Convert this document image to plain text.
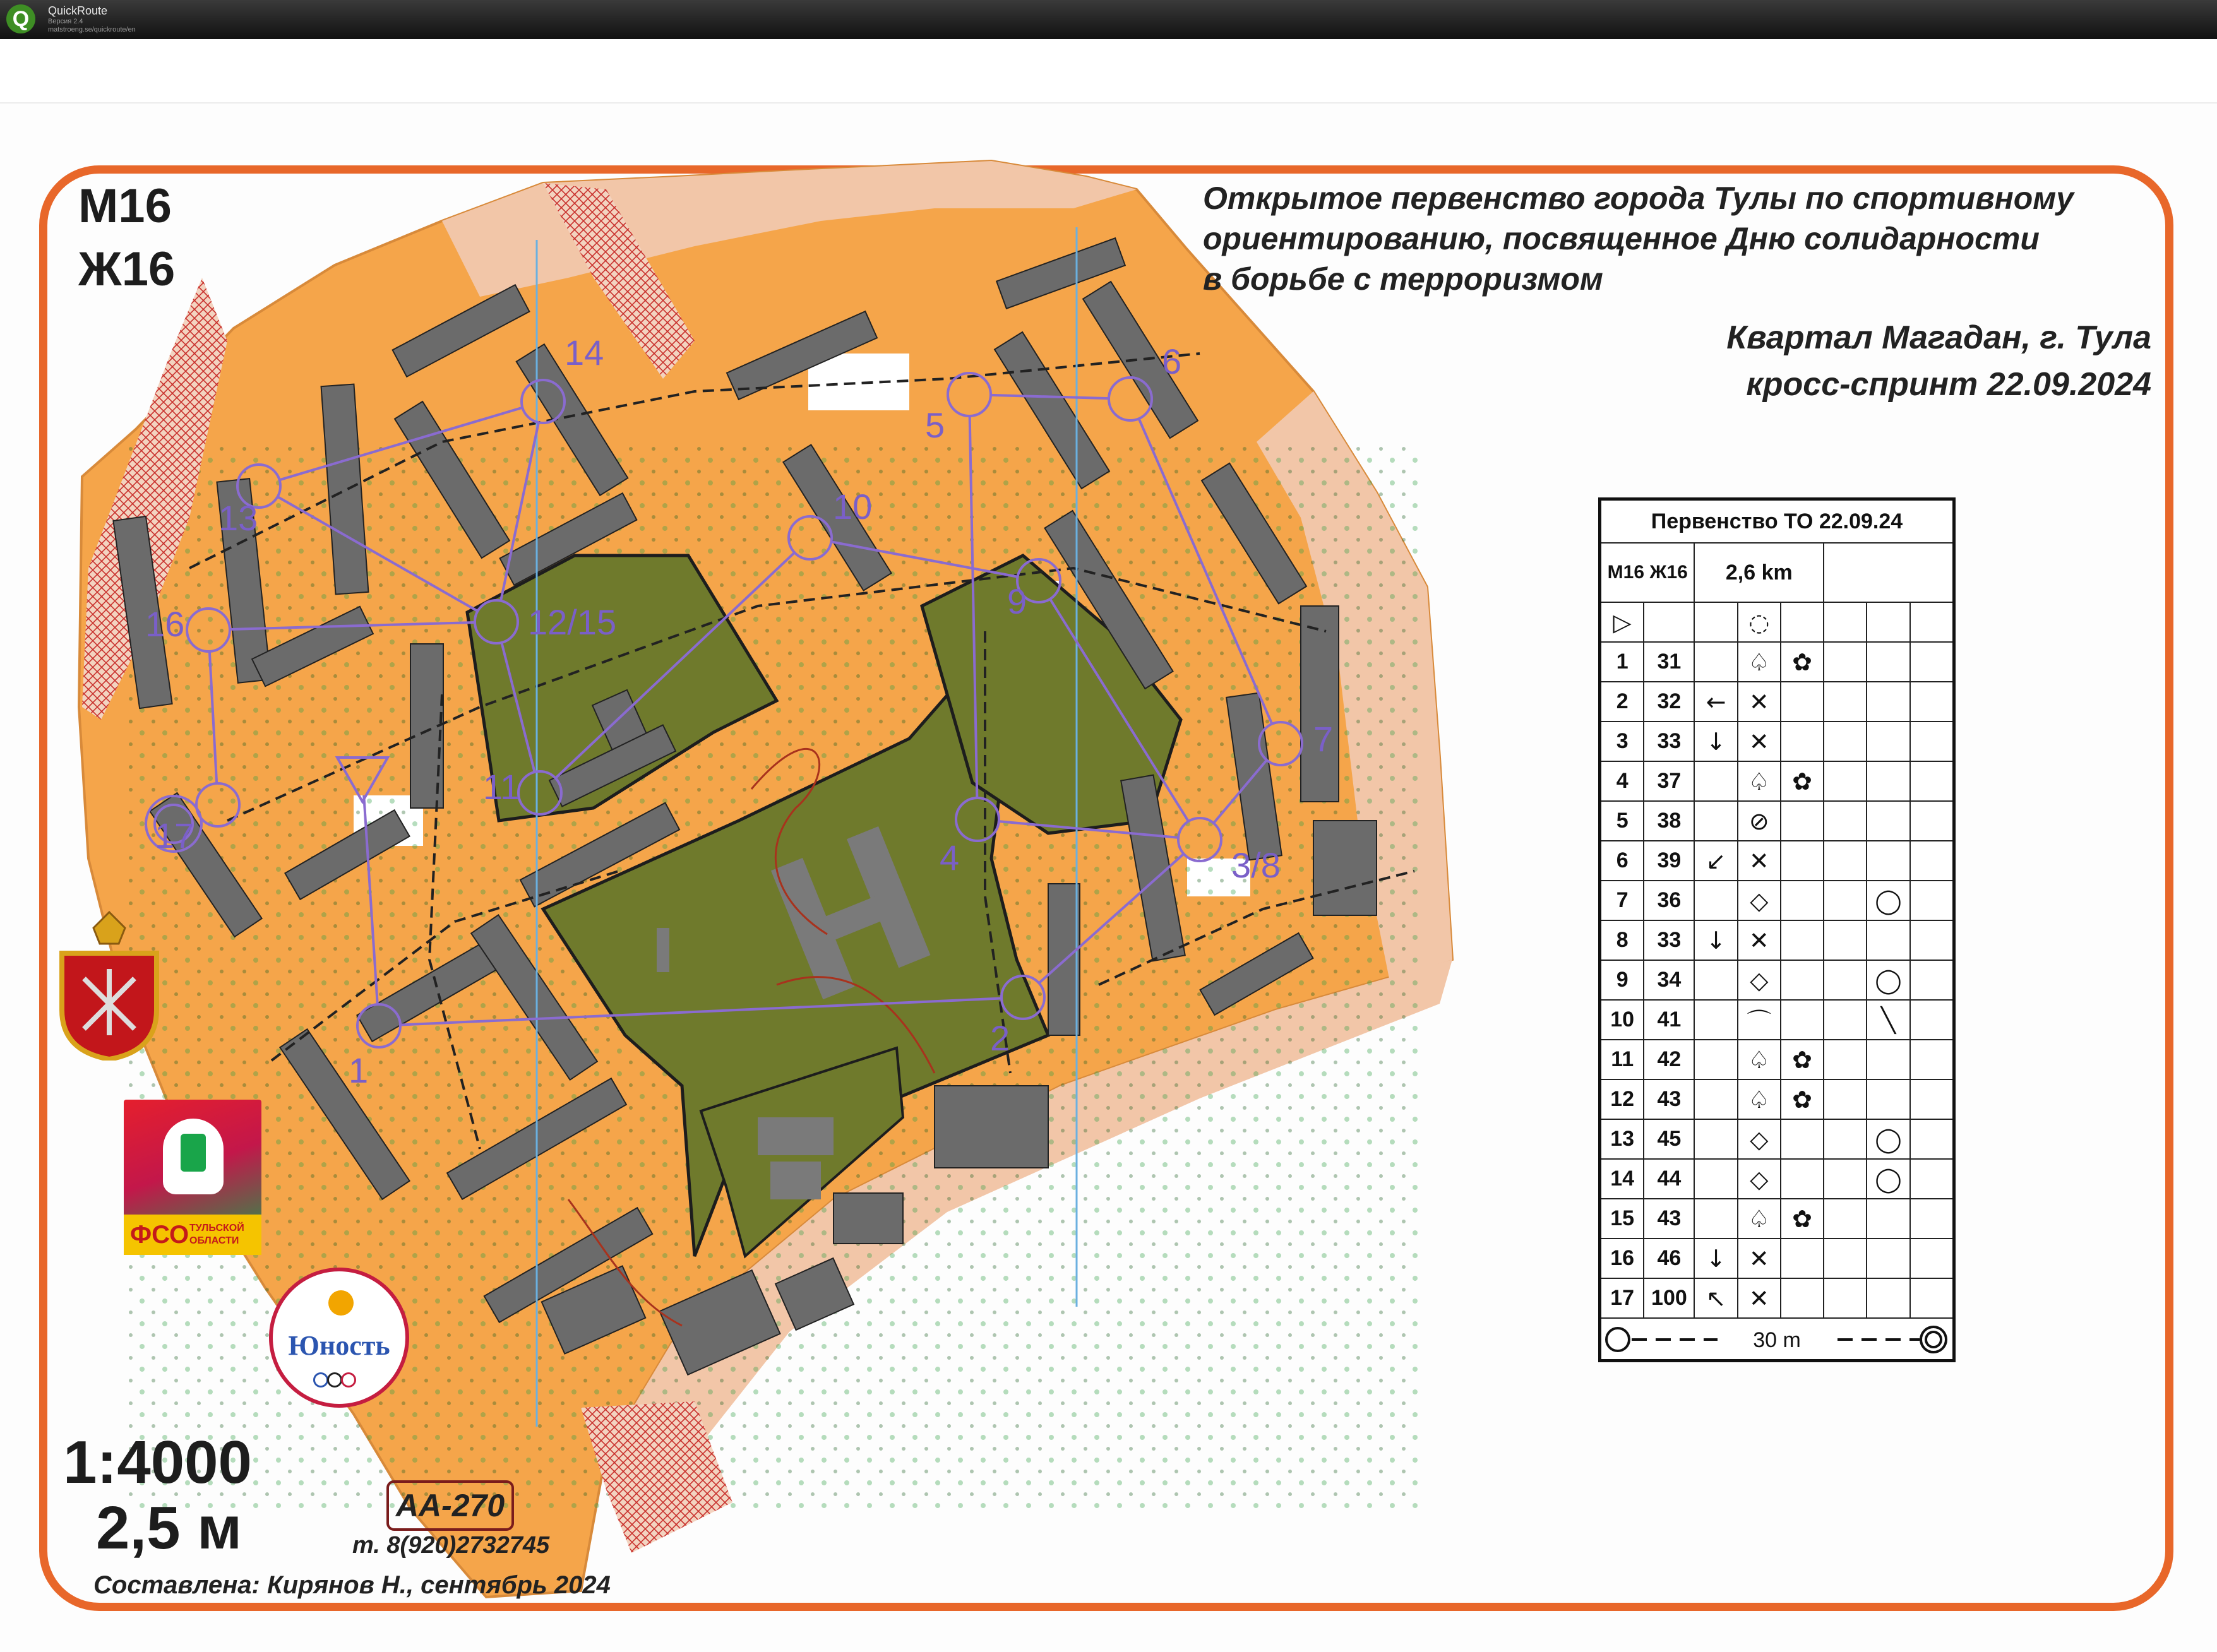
Q	QuickRoute
Версия 2.4
matstroeng.se/quickroute/en
1
2
3/8
4
5
6
7
9
10
11
12/15
13
14
16
17
М16
Ж16
Открытое первенство города Тулы по спортивному
ориентированию, посвященное Дню солидарности
в борьбе с терроризмом
Квартал Магадан, г. Тула
кросс-спринт 22.09.2024
ФСО ТУЛЬСКОЙ ОБЛАСТИ
Юность
1:4000
2,5 м	АА-270
т. 8(920)2732745
Составлена: Кирянов Н., сентябрь 2024
Первенство ТО 22.09.24							
М16 Ж16		2,6 km					
▷			◌				
1	31		♤	✿			
2	32	←	✕				
3	33	↓	✕				
4	37		♤	✿			
5	38		⊘				
6	39	↙	✕				
7	36		◇			◯	
8	33	↓	✕				
9	34		◇			◯	
10	41		⌒			╲	
11	42		♤	✿			
12	43		♤	✿			
13	45		◇			◯	
14	44		◇			◯	
15	43		♤	✿			
16	46	↓	✕				
17	100	↖	✕				

30 m							
